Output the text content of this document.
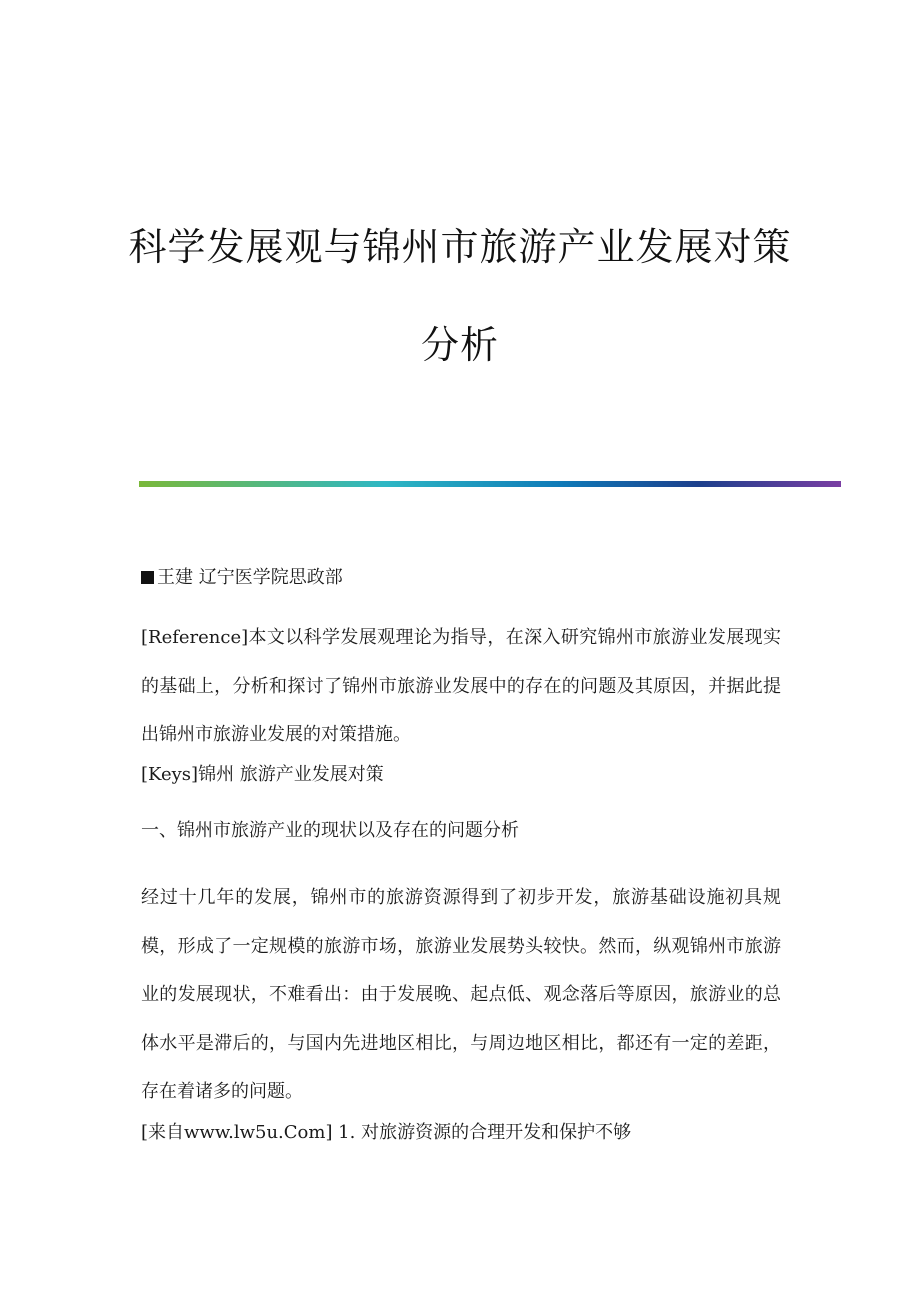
科学发展观与锦州市旅游产业发展对策
分析

王建 辽宁医学院思政部

[Reference]本文以科学发展观理论为指导，在深入研究锦州市旅游业发展现实的基础上，分析和探讨了锦州市旅游业发展中的存在的问题及其原因，并据此提出锦州市旅游业发展的对策措施。

[Keys]锦州 旅游产业发展对策

一、锦州市旅游产业的现状以及存在的问题分析

经过十几年的发展，锦州市的旅游资源得到了初步开发，旅游基础设施初具规模，形成了一定规模的旅游市场，旅游业发展势头较快。然而，纵观锦州市旅游业的发展现状，不难看出：由于发展晚、起点低、观念落后等原因，旅游业的总体水平是滞后的，与国内先进地区相比，与周边地区相比，都还有一定的差距，存在着诸多的问题。

[来自www.lw5u.Com] 1. 对旅游资源的合理开发和保护不够
